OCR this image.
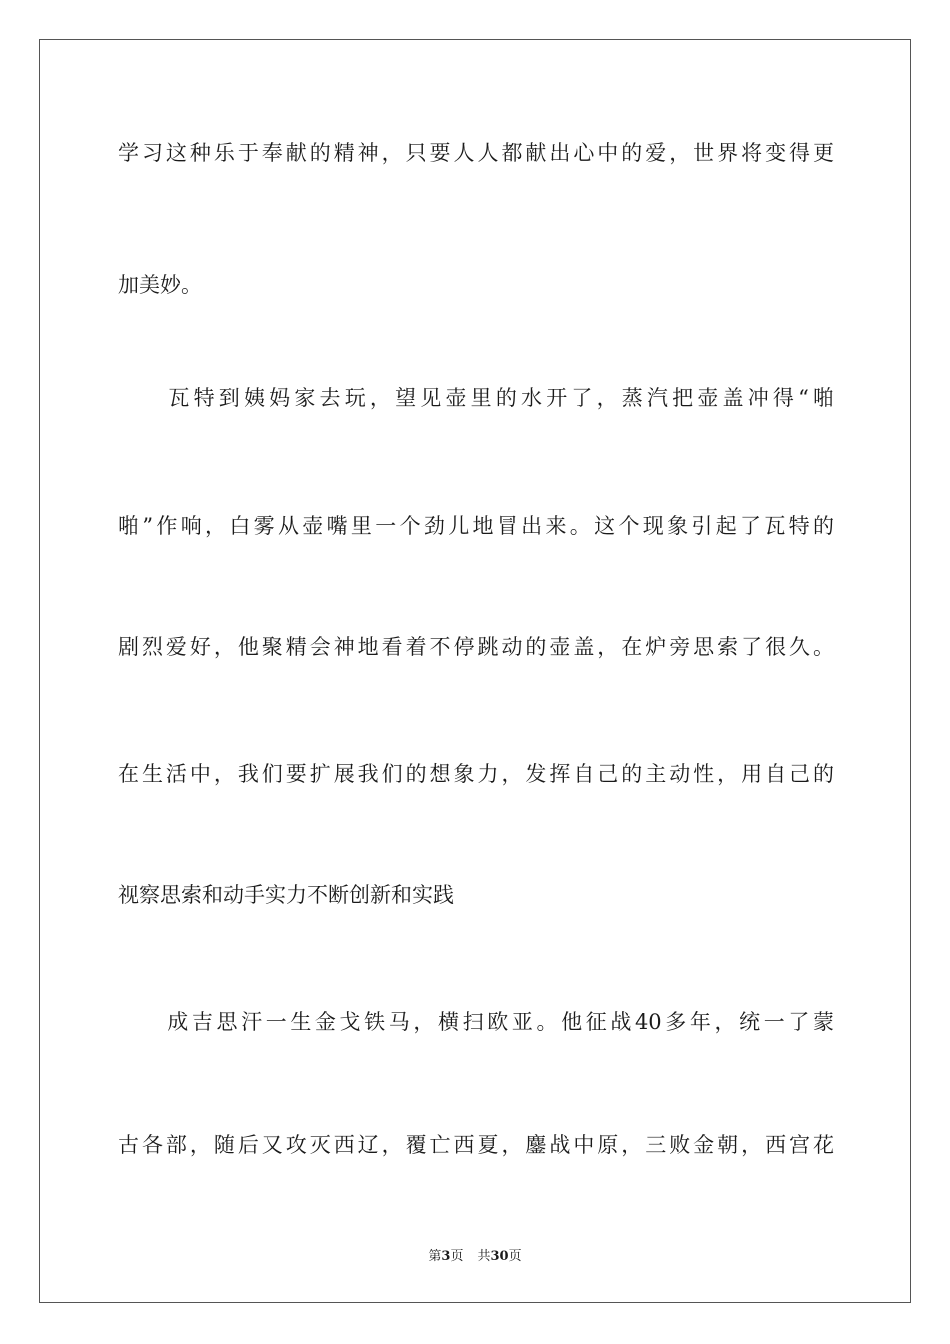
学习这种乐于奉献的精神，只要人人都献出心中的爱，世界将变得更
加美妙。
　　瓦特到姨妈家去玩，望见壶里的水开了，蒸汽把壶盖冲得“啪
啪”作响，白雾从壶嘴里一个劲儿地冒出来。这个现象引起了瓦特的
剧烈爱好，他聚精会神地看着不停跳动的壶盖，在炉旁思索了很久。
在生活中，我们要扩展我们的想象力，发挥自己的主动性，用自己的
视察思索和动手实力不断创新和实践
　　成吉思汗一生金戈铁马，横扫欧亚。他征战40多年，统一了蒙
古各部，随后又攻灭西辽，覆亡西夏，鏖战中原，三败金朝，西宫花
第3页 共30页
